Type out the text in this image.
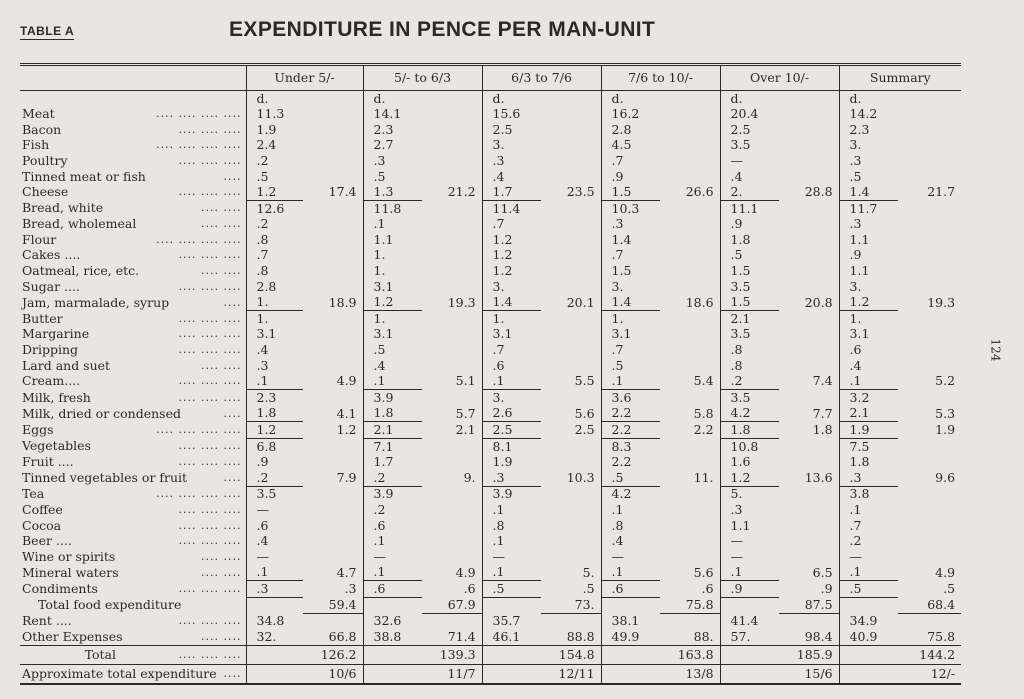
TABLE A	EXPENDITURE IN PENCE PER MAN-UNIT
124
	Under 5/-		5/- to 6/3		6/3 to 7/6		7/6 to 10/-		Over 10/-		Summary	
	d.		d.		d.		d.		d.		d.	
Meat .... .... .... ....	11.3		14.1		15.6		16.2		20.4		14.2	
Bacon .... .... ....	1.9		2.3		2.5		2.8		2.5		2.3	
Fish .... .... .... ....	2.4		2.7		3.		4.5		3.5		3.	
Poultry .... .... ....	.2		.3		.3		.7		—		.3	
Tinned meat or fish ....	.5		.5		.4		.9		.4		.5	
Cheese .... .... ....	1.2	17.4	1.3	21.2	1.7	23.5	1.5	26.6	2.	28.8	1.4	21.7
Bread, white .... ....	12.6		11.8		11.4		10.3		11.1		11.7	
Bread, wholemeal .... ....	.2		.1		.7		.3		.9		.3	
Flour .... .... .... ....	.8		1.1		1.2		1.4		1.8		1.1	
Cakes .... .... .... ....	.7		1.		1.2		.7		.5		.9	
Oatmeal, rice, etc. .... ....	.8		1.		1.2		1.5		1.5		1.1	
Sugar .... .... .... ....	2.8		3.1		3.		3.		3.5		3.	
Jam, marmalade, syrup ....	1.	18.9	1.2	19.3	1.4	20.1	1.4	18.6	1.5	20.8	1.2	19.3
Butter .... .... ....	1.		1.		1.		1.		2.1		1.	
Margarine .... .... ....	3.1		3.1		3.1		3.1		3.5		3.1	
Dripping .... .... ....	.4		.5		.7		.7		.8		.6	
Lard and suet .... ....	.3		.4		.6		.5		.8		.4	
Cream.... .... .... ....	.1	4.9	.1	5.1	.1	5.5	.1	5.4	.2	7.4	.1	5.2
Milk, fresh .... .... ....	2.3		3.9		3.		3.6		3.5		3.2	
Milk, dried or condensed ....	1.8	4.1	1.8	5.7	2.6	5.6	2.2	5.8	4.2	7.7	2.1	5.3
Eggs .... .... .... ....	1.2	1.2	2.1	2.1	2.5	2.5	2.2	2.2	1.8	1.8	1.9	1.9
Vegetables .... .... ....	6.8		7.1		8.1		8.3		10.8		7.5	
Fruit .... .... .... ....	.9		1.7		1.9		2.2		1.6		1.8	
Tinned vegetables or fruit ....	.2	7.9	.2	9.	.3	10.3	.5	11.	1.2	13.6	.3	9.6
Tea .... .... .... ....	3.5		3.9		3.9		4.2		5.		3.8	
Coffee .... .... ....	—		.2		.1		.1		.3		.1	
Cocoa .... .... ....	.6		.6		.8		.8		1.1		.7	
Beer .... .... .... ....	.4		.1		.1		.4		—		.2	
Wine or spirits .... ....	—		—		—		—		—		—	
Mineral waters .... ....	.1	4.7	.1	4.9	.1	5.	.1	5.6	.1	6.5	.1	4.9
Condiments .... .... ....	.3	.3	.6	.6	.5	.5	.6	.6	.9	.9	.5	.5
Total food expenditure		59.4		67.9		73.		75.8		87.5		68.4
Rent .... .... .... ....	34.8		32.6		35.7		38.1		41.4		34.9	
Other Expenses .... ....	32.	66.8	38.8	71.4	46.1	88.8	49.9	88.	57.	98.4	40.9	75.8
Total .... .... ....		126.2		139.3		154.8		163.8		185.9		144.2
Approximate total expenditure ....		10/6		11/7		12/11		13/8		15/6		12/-
